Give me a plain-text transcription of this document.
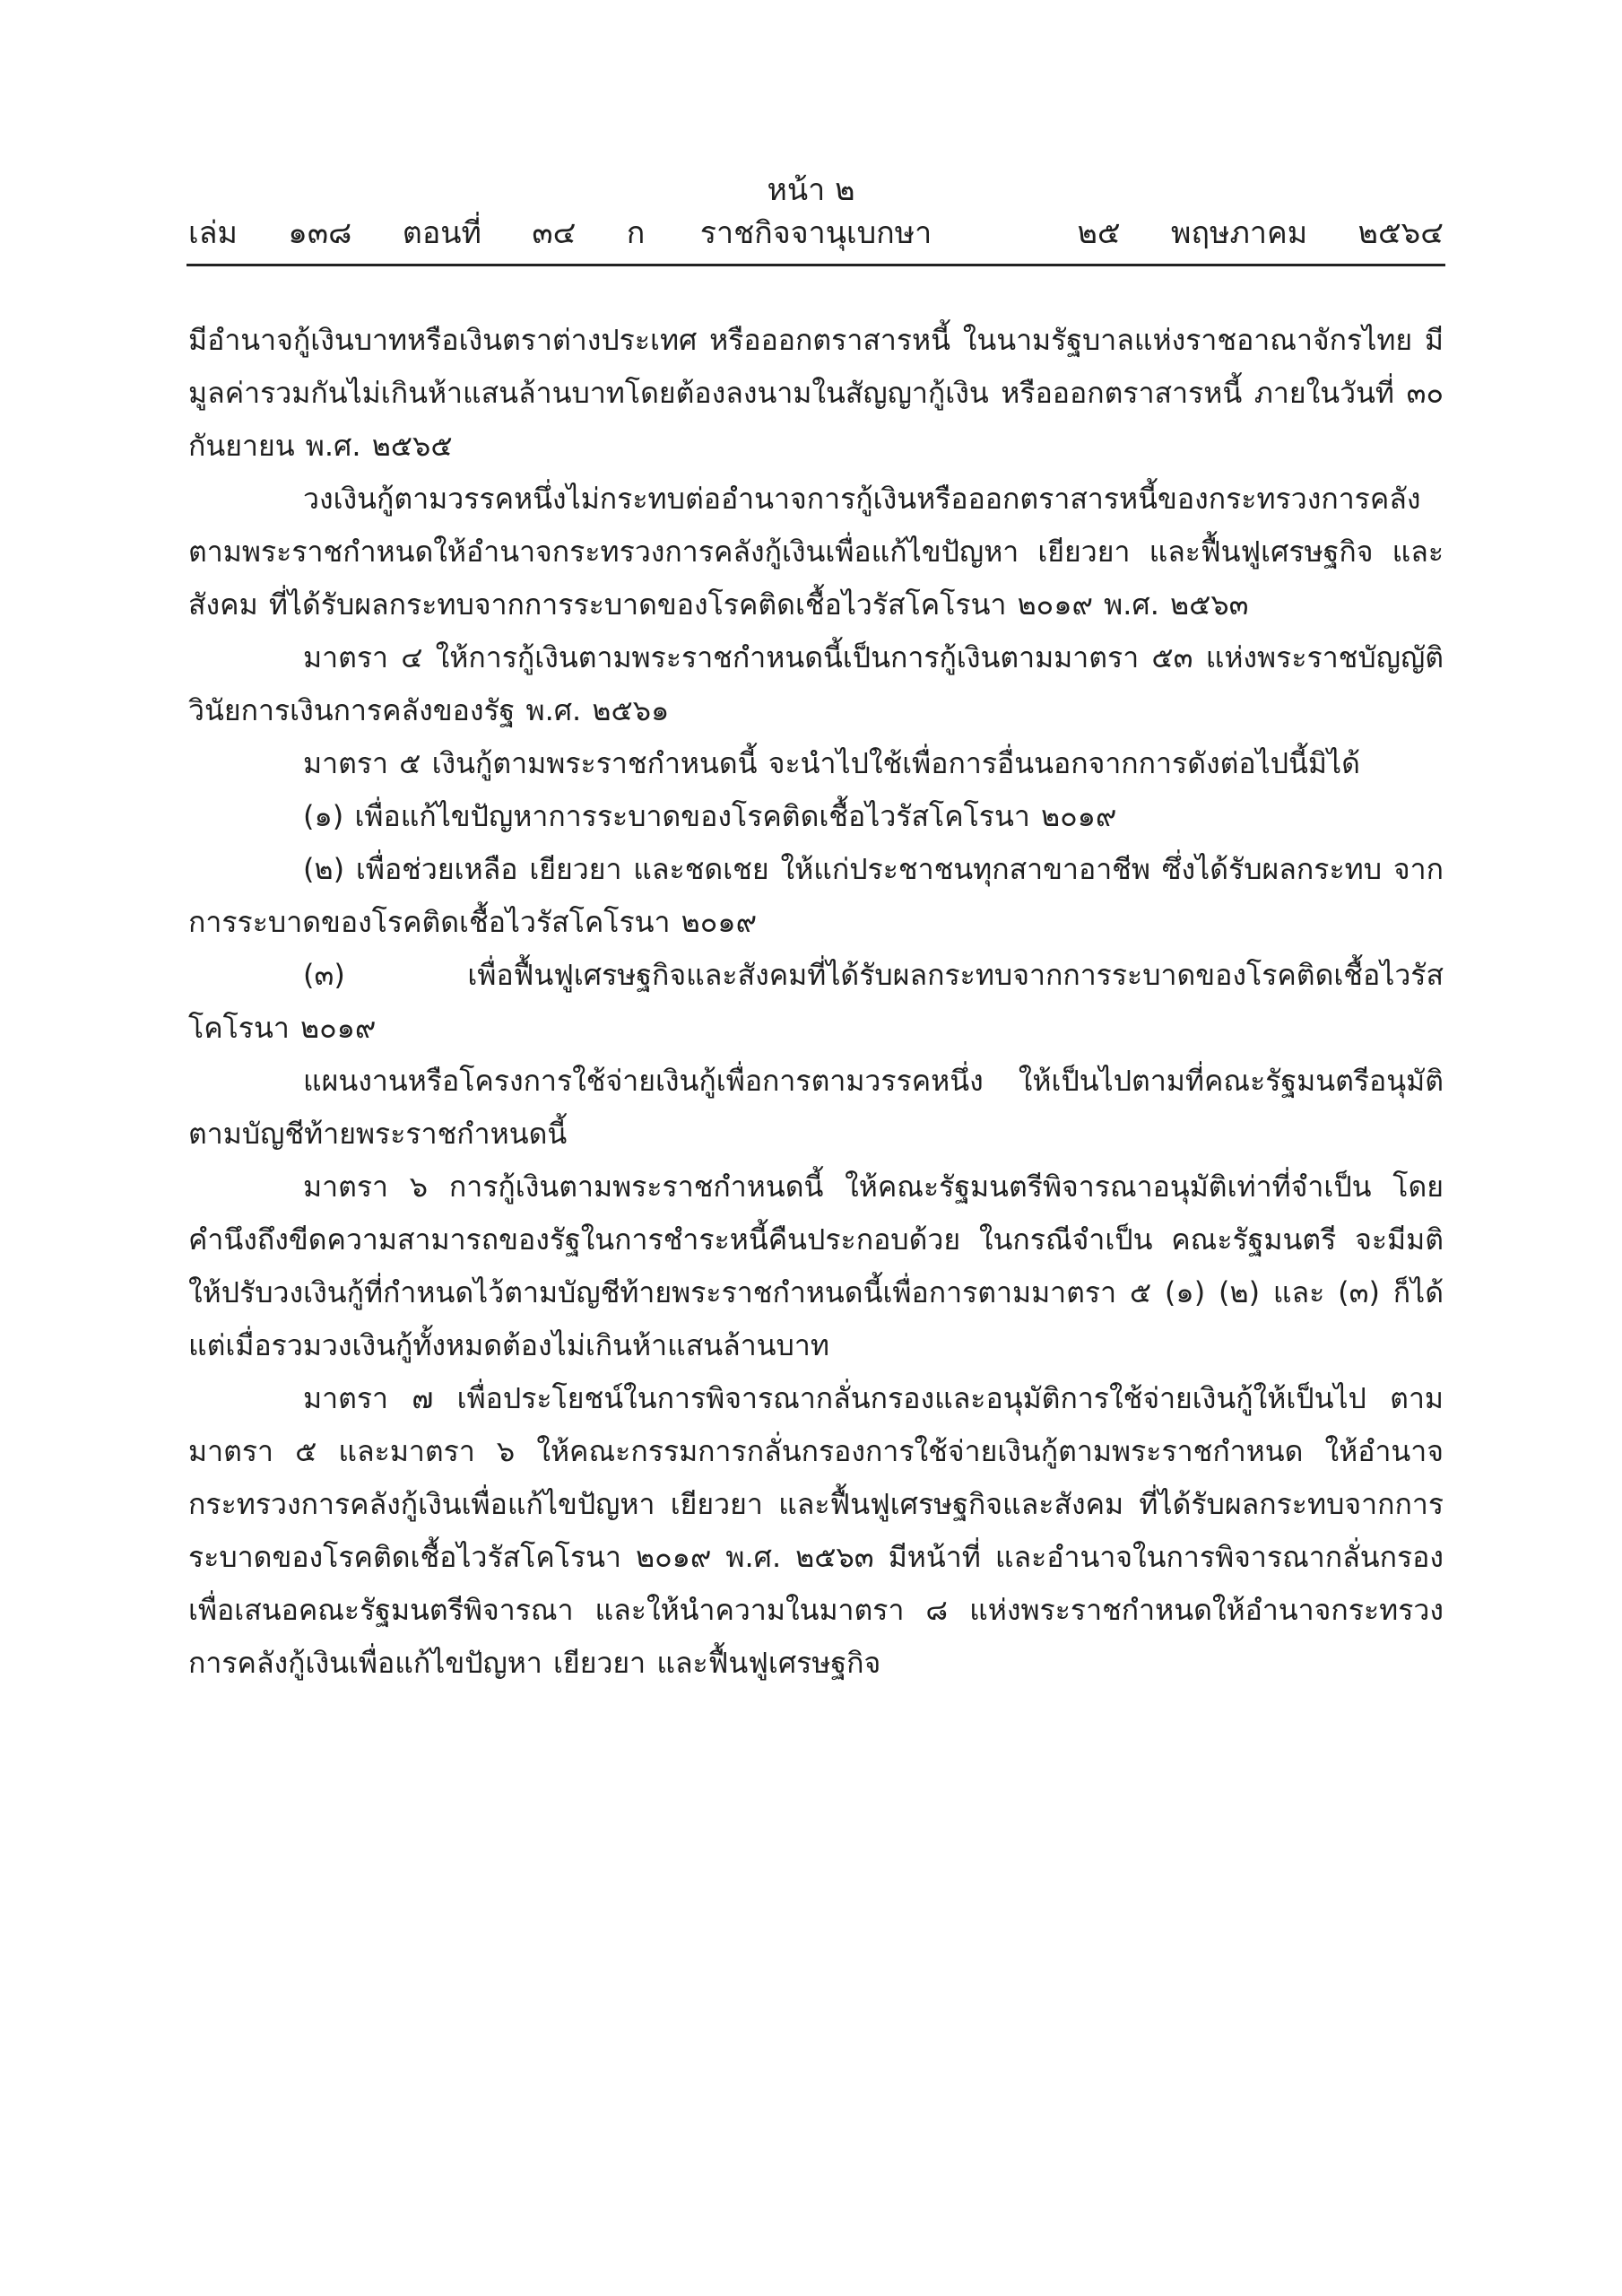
หน้า ๒
ราชกิจจานุเบกษา
เล่ม   ๑๓๘   ตอนที่   ๓๔   ก	๒๕   พฤษภาคม   ๒๕๖๔

มีอำนาจกู้เงินบาทหรือเงินตราต่างประเทศ หรือออกตราสารหนี้ ในนามรัฐบาลแห่งราชอาณาจักรไทย มีมูลค่ารวมกันไม่เกินห้าแสนล้านบาทโดยต้องลงนามในสัญญากู้เงิน หรือออกตราสารหนี้ ภายในวันที่ ๓๐ กันยายน พ.ศ. ๒๕๖๕

วงเงินกู้ตามวรรคหนึ่งไม่กระทบต่ออำนาจการกู้เงินหรือออกตราสารหนี้ของกระทรวงการคลัง ตามพระราชกำหนดให้อำนาจกระทรวงการคลังกู้เงินเพื่อแก้ไขปัญหา เยียวยา และฟื้นฟูเศรษฐกิจ และสังคม ที่ได้รับผลกระทบจากการระบาดของโรคติดเชื้อไวรัสโคโรนา ๒๐๑๙ พ.ศ. ๒๕๖๓

มาตรา ๔ ให้การกู้เงินตามพระราชกำหนดนี้เป็นการกู้เงินตามมาตรา ๕๓ แห่งพระราชบัญญัติวินัยการเงินการคลังของรัฐ พ.ศ. ๒๕๖๑

มาตรา ๕ เงินกู้ตามพระราชกำหนดนี้ จะนำไปใช้เพื่อการอื่นนอกจากการดังต่อไปนี้มิได้

(๑) เพื่อแก้ไขปัญหาการระบาดของโรคติดเชื้อไวรัสโคโรนา ๒๐๑๙

(๒) เพื่อช่วยเหลือ เยียวยา และชดเชย ให้แก่ประชาชนทุกสาขาอาชีพ ซึ่งได้รับผลกระทบ จากการระบาดของโรคติดเชื้อไวรัสโคโรนา ๒๐๑๙

(๓) เพื่อฟื้นฟูเศรษฐกิจและสังคมที่ได้รับผลกระทบจากการระบาดของโรคติดเชื้อไวรัส โคโรนา ๒๐๑๙

แผนงานหรือโครงการใช้จ่ายเงินกู้เพื่อการตามวรรคหนึ่ง ให้เป็นไปตามที่คณะรัฐมนตรีอนุมัติ ตามบัญชีท้ายพระราชกำหนดนี้

มาตรา ๖ การกู้เงินตามพระราชกำหนดนี้ ให้คณะรัฐมนตรีพิจารณาอนุมัติเท่าที่จำเป็น โดยคำนึงถึงขีดความสามารถของรัฐในการชำระหนี้คืนประกอบด้วย ในกรณีจำเป็น คณะรัฐมนตรี จะมีมติให้ปรับวงเงินกู้ที่กำหนดไว้ตามบัญชีท้ายพระราชกำหนดนี้เพื่อการตามมาตรา ๕ (๑) (๒) และ (๓) ก็ได้ แต่เมื่อรวมวงเงินกู้ทั้งหมดต้องไม่เกินห้าแสนล้านบาท

มาตรา ๗ เพื่อประโยชน์ในการพิจารณากลั่นกรองและอนุมัติการใช้จ่ายเงินกู้ให้เป็นไป ตามมาตรา ๕ และมาตรา ๖ ให้คณะกรรมการกลั่นกรองการใช้จ่ายเงินกู้ตามพระราชกำหนด ให้อำนาจกระทรวงการคลังกู้เงินเพื่อแก้ไขปัญหา เยียวยา และฟื้นฟูเศรษฐกิจและสังคม ที่ได้รับผลกระทบจากการระบาดของโรคติดเชื้อไวรัสโคโรนา ๒๐๑๙ พ.ศ. ๒๕๖๓ มีหน้าที่ และอำนาจในการพิจารณากลั่นกรองเพื่อเสนอคณะรัฐมนตรีพิจารณา และให้นำความในมาตรา ๘ แห่งพระราชกำหนดให้อำนาจกระทรวงการคลังกู้เงินเพื่อแก้ไขปัญหา เยียวยา และฟื้นฟูเศรษฐกิจ
